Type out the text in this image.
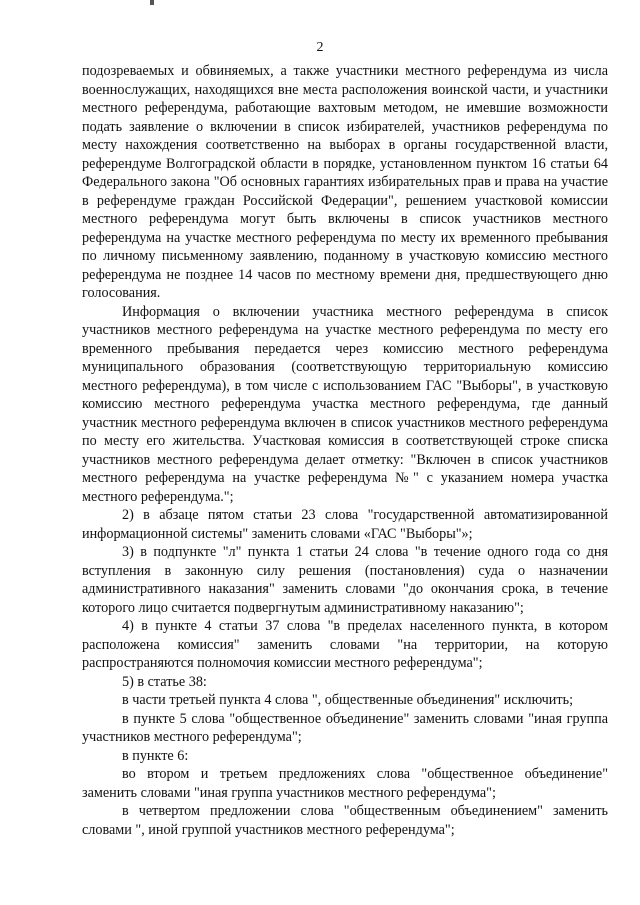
2

подозреваемых и обвиняемых, а также участники местного референдума из числа военнослужащих, находящихся вне места расположения воинской части, и участники местного референдума, работающие вахтовым методом, не имевшие возможности подать заявление о включении в список избирателей, участников референдума по месту нахождения соответственно на выборах в органы государственной власти, референдуме Волгоградской области в порядке, установленном пунктом 16 статьи 64 Федерального закона "Об основных гарантиях избирательных прав и права на участие в референдуме граждан Российской Федерации", решением участковой комиссии местного референдума могут быть включены в список участников местного референдума на участке местного референдума по месту их временного пребывания по личному письменному заявлению, поданному в участковую комиссию местного референдума не позднее 14 часов по местному времени дня, предшествующего дню голосования.

Информация о включении участника местного референдума в список участников местного референдума на участке местного референдума по месту его временного пребывания передается через комиссию местного референдума муниципального образования (соответствующую территориальную комиссию местного референдума), в том числе с использованием ГАС "Выборы", в участковую комиссию местного референдума участка местного референдума, где данный участник местного референдума включен в список участников местного референдума по месту его жительства. Участковая комиссия в соответствующей строке списка участников местного референдума делает отметку: "Включен в список участников местного референдума на участке референдума №" с указанием номера участка местного референдума.";

2) в абзаце пятом статьи 23 слова "государственной автоматизированной информационной системы" заменить словами «ГАС "Выборы"»;

3) в подпункте "л" пункта 1 статьи 24 слова "в течение одного года со дня вступления в законную силу решения (постановления) суда о назначении административного наказания" заменить словами "до окончания срока, в течение которого лицо считается подвергнутым административному наказанию";

4) в пункте 4 статьи 37 слова "в пределах населенного пункта, в котором расположена комиссия" заменить словами "на территории, на которую распространяются полномочия комиссии местного референдума";

5) в статье 38:

в части третьей пункта 4 слова ", общественные объединения" исключить;

в пункте 5 слова "общественное объединение" заменить словами "иная группа участников местного референдума";

в пункте 6:

во втором и третьем предложениях слова "общественное объединение" заменить словами "иная группа участников местного референдума";

в четвертом предложении слова "общественным объединением" заменить словами ", иной группой участников местного референдума";
